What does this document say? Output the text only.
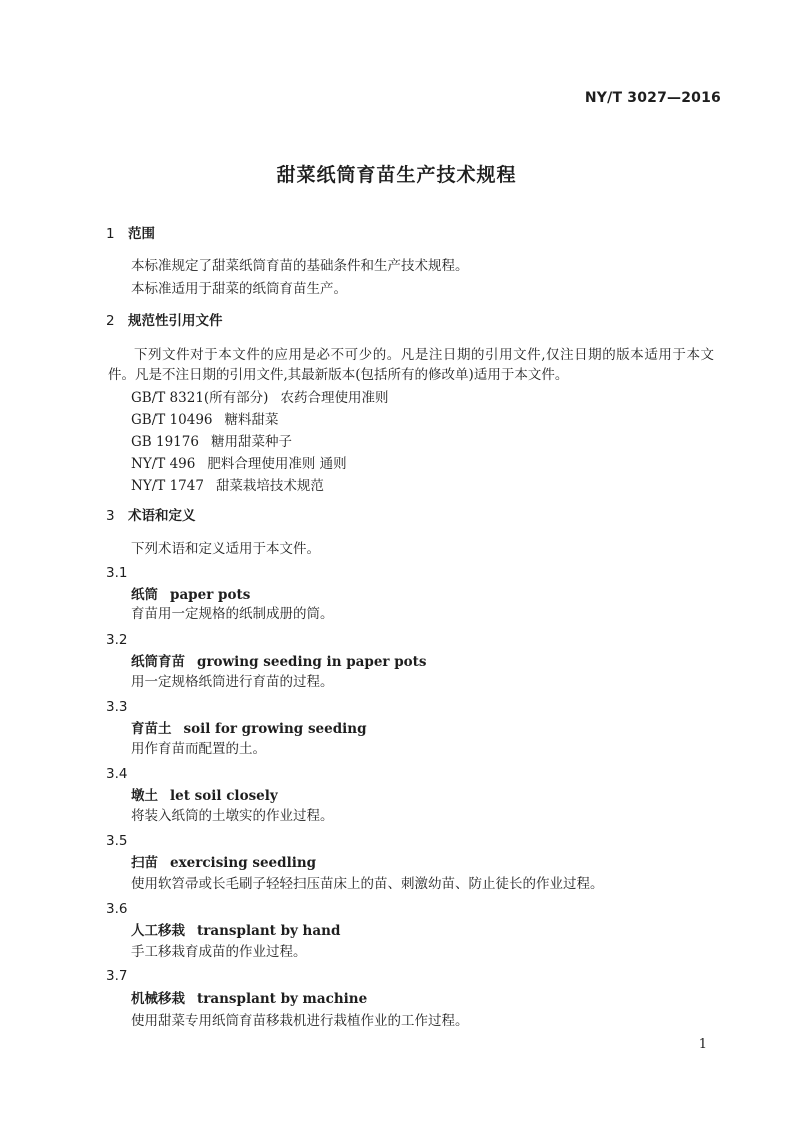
NY/T 3027—2016
甜菜纸筒育苗生产技术规程
1 范围
本标准规定了甜菜纸筒育苗的基础条件和生产技术规程。
本标准适用于甜菜的纸筒育苗生产。
2 规范性引用文件
下列文件对于本文件的应用是必不可少的。凡是注日期的引用文件,仅注日期的版本适用于本文件。凡是不注日期的引用文件,其最新版本(包括所有的修改单)适用于本文件。
GB/T 8321(所有部分) 农药合理使用准则
GB/T 10496 糖料甜菜
GB 19176 糖用甜菜种子
NY/T 496 肥料合理使用准则 通则
NY/T 1747 甜菜栽培技术规范
3 术语和定义
下列术语和定义适用于本文件。
3.1
纸筒 paper pots
育苗用一定规格的纸制成册的筒。
3.2
纸筒育苗 growing seeding in paper pots
用一定规格纸筒进行育苗的过程。
3.3
育苗土 soil for growing seeding
用作育苗而配置的土。
3.4
墩土 let soil closely
将装入纸筒的土墩实的作业过程。
3.5
扫苗 exercising seedling
使用软笤帚或长毛刷子轻轻扫压苗床上的苗、刺激幼苗、防止徒长的作业过程。
3.6
人工移栽 transplant by hand
手工移栽育成苗的作业过程。
3.7
机械移栽 transplant by machine
使用甜菜专用纸筒育苗移栽机进行栽植作业的工作过程。
1
